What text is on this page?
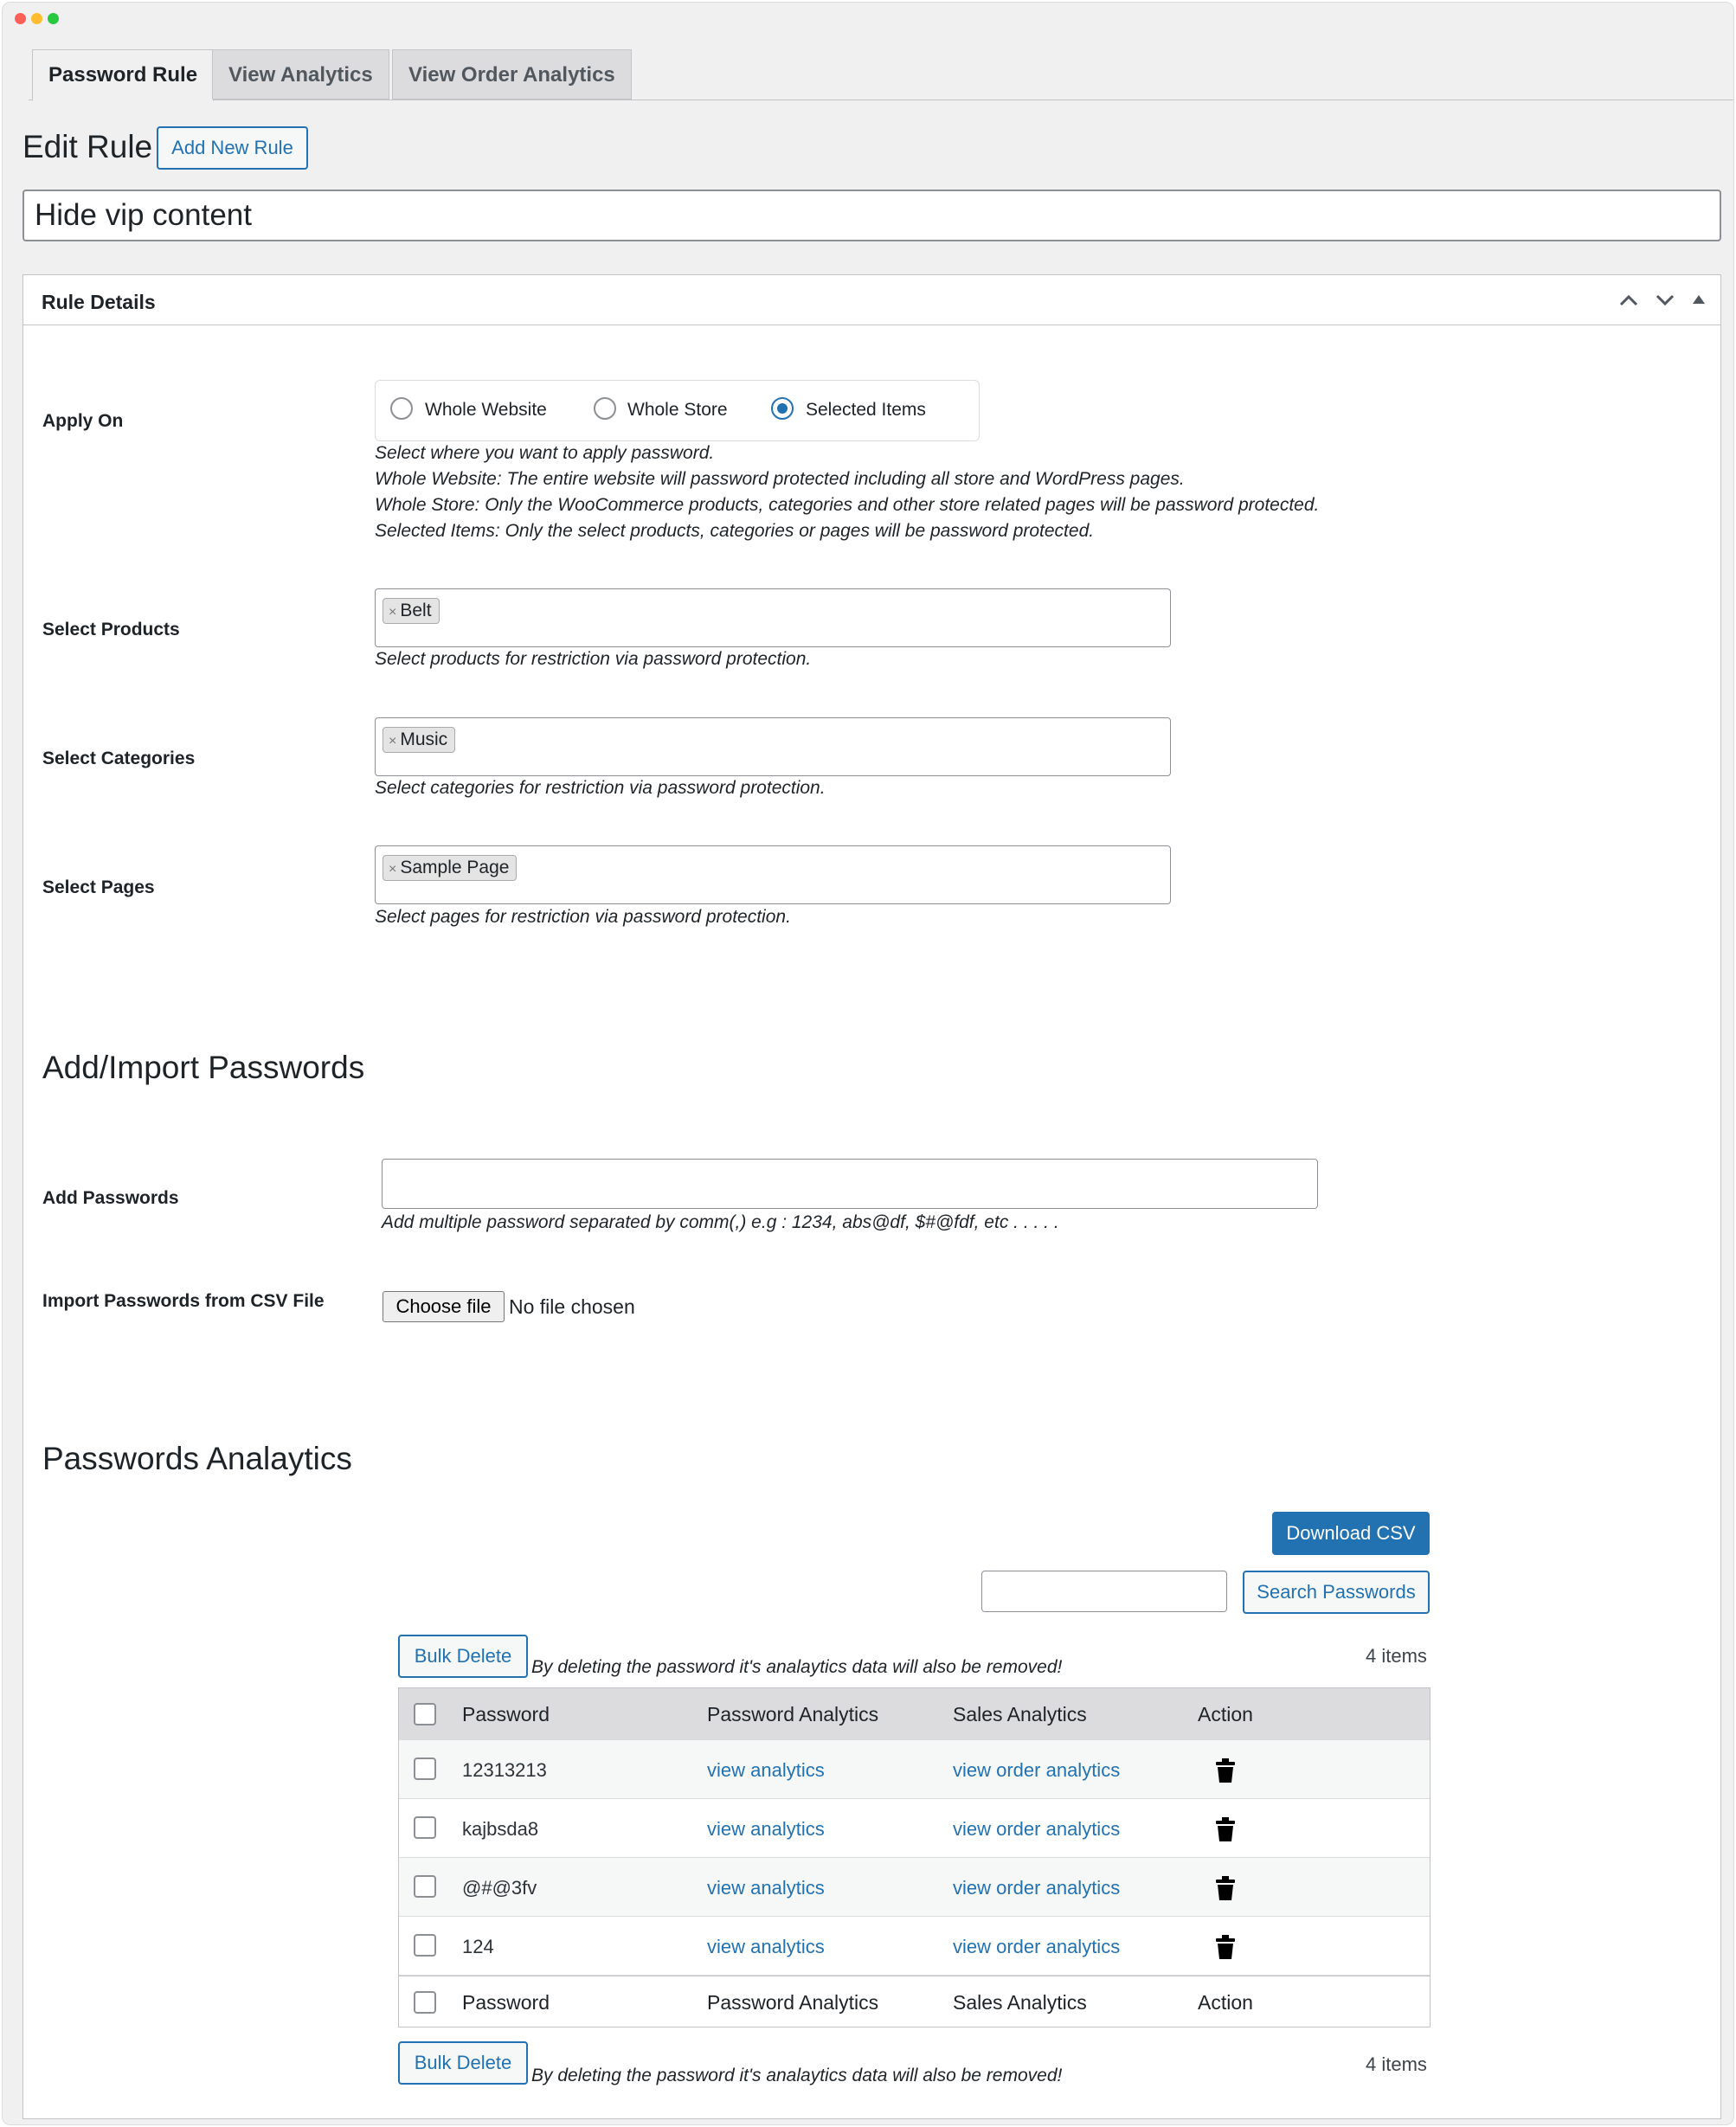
Password Rule	View Analytics	View Order Analytics
Edit Rule	Add New Rule
Hide vip content
Rule Details
Apply On
Whole Website	Whole Store	Selected Items
Select where you want to apply password.
Whole Website: The entire website will password protected including all store and WordPress pages.
Whole Store: Only the WooCommerce products, categories and other store related pages will be password protected.
Selected Items: Only the select products, categories or pages will be password protected.
Select Products
× Belt
Select products for restriction via password protection.
Select Categories
× Music
Select categories for restriction via password protection.
Select Pages
× Sample Page
Select pages for restriction via password protection.
Add/Import Passwords
Add Passwords
Add multiple password separated by comm(,) e.g : 1234, abs@df, $#@fdf, etc . . . . .
Import Passwords from CSV File	Choose file No file chosen
Passwords Analaytics
Download CSV
Search Passwords
Bulk Delete
By deleting the password it's analaytics data will also be removed!
4 items
Password	Password Analytics	Sales Analytics	Action
12313213	view analytics	view order analytics
kajbsda8	view analytics	view order analytics
@#@3fv	view analytics	view order analytics
124	view analytics	view order analytics
Password	Password Analytics	Sales Analytics	Action
Bulk Delete
By deleting the password it's analaytics data will also be removed!
4 items
